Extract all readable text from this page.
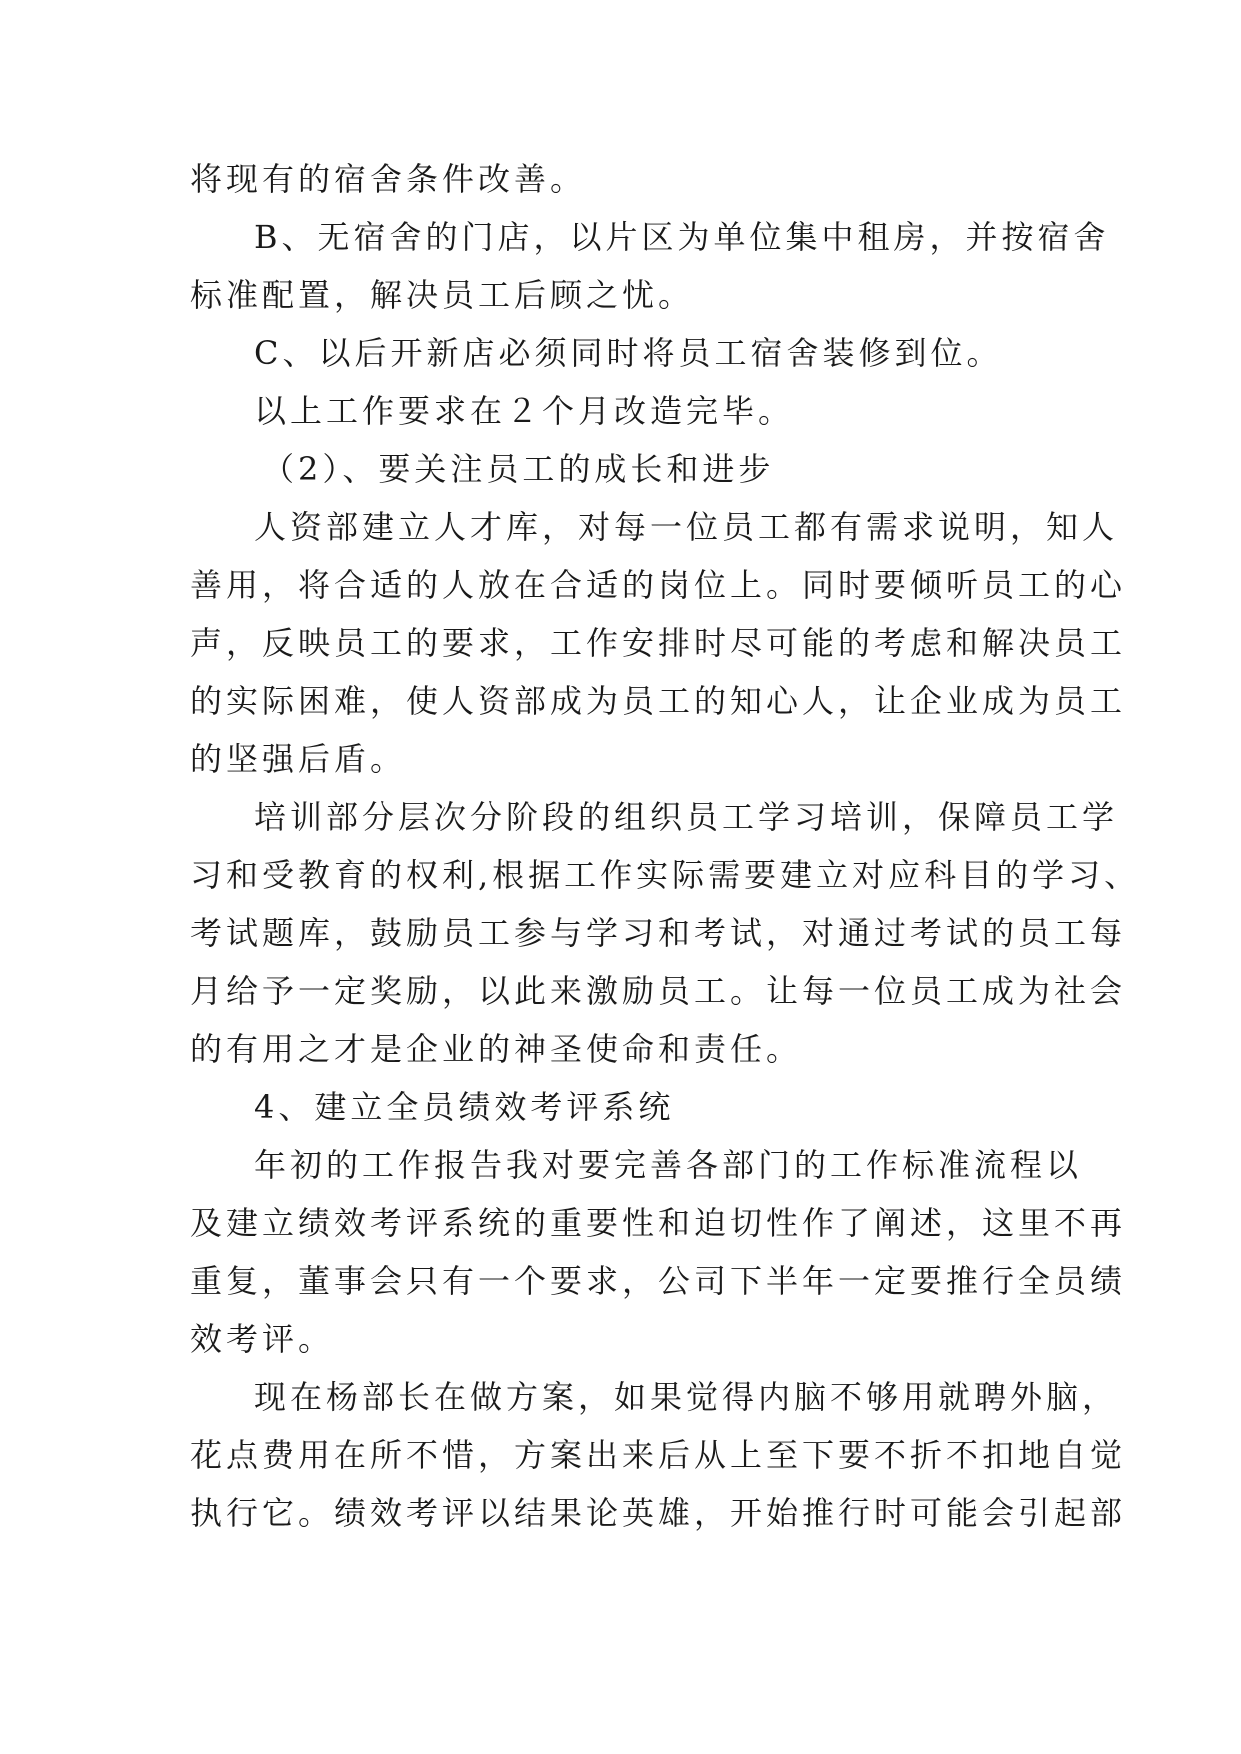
将现有的宿舍条件改善。
B、无宿舍的门店，以片区为单位集中租房，并按宿舍
标准配置，解决员工后顾之忧。
C、以后开新店必须同时将员工宿舍装修到位。
以上工作要求在２个月改造完毕。
（2）、要关注员工的成长和进步
人资部建立人才库，对每一位员工都有需求说明，知人
善用，将合适的人放在合适的岗位上。同时要倾听员工的心
声，反映员工的要求，工作安排时尽可能的考虑和解决员工
的实际困难，使人资部成为员工的知心人，让企业成为员工
的坚强后盾。
培训部分层次分阶段的组织员工学习培训，保障员工学
习和受教育的权利,根据工作实际需要建立对应科目的学习、
考试题库，鼓励员工参与学习和考试，对通过考试的员工每
月给予一定奖励，以此来激励员工。让每一位员工成为社会
的有用之才是企业的神圣使命和责任。
4、建立全员绩效考评系统
年初的工作报告我对要完善各部门的工作标准流程以
及建立绩效考评系统的重要性和迫切性作了阐述，这里不再
重复，董事会只有一个要求，公司下半年一定要推行全员绩
效考评。
现在杨部长在做方案，如果觉得内脑不够用就聘外脑，
花点费用在所不惜，方案出来后从上至下要不折不扣地自觉
执行它。绩效考评以结果论英雄，开始推行时可能会引起部
